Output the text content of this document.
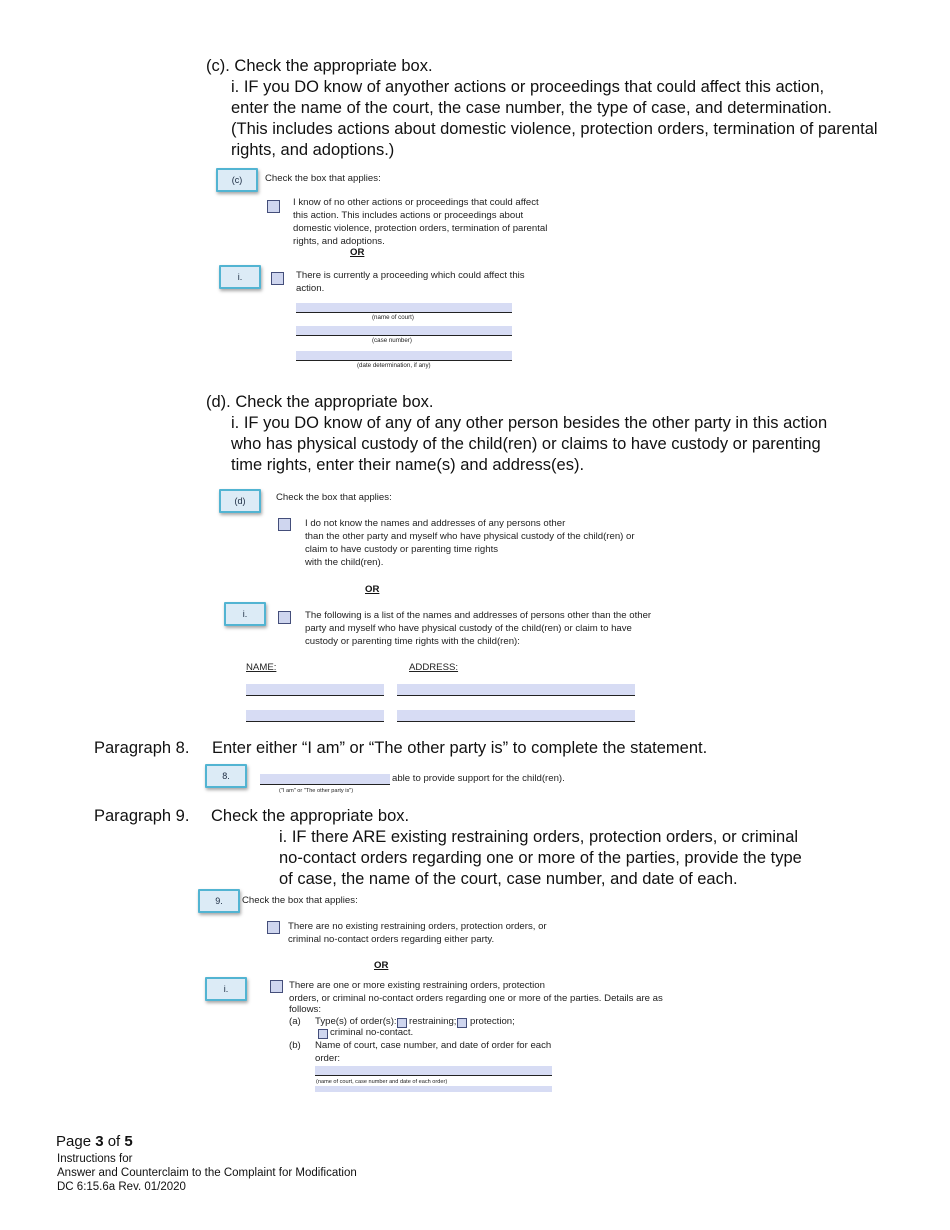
(c). Check the appropriate box.
i. IF you DO know of anyother actions or proceedings that could affect this action,
enter the name of the court, the case number, the type of case, and determination.
(This includes actions about domestic violence, protection orders, termination of parental
rights, and adoptions.)
(c)	Check the box that applies:
I know of no other actions or proceedings that could affect
this action. This includes actions or proceedings about
domestic violence, protection orders, termination of parental
rights, and adoptions.
OR
i.	There is currently a proceeding which could affect this
action.
(name of court)
(case number)
(date determination, if any)
(d). Check the appropriate box.
i. IF you DO know of any of any other person besides the other party in this action
who has physical custody of the child(ren) or claims to have custody or parenting
time rights, enter their name(s) and address(es).
(d)	Check the box that applies:
I do not know the names and addresses of any persons other
than the other party and myself who have physical custody of the child(ren) or
claim to have custody or parenting time rights
with the child(ren).
OR
i.	The following is a list of the names and addresses of persons other than the other
party and myself who have physical custody of the child(ren) or claim to have
custody or parenting time rights with the child(ren):
NAME:	ADDRESS:
Paragraph 8. Enter either “I am” or “The other party is” to complete the statement.
8.	able to provide support for the child(ren).
("I am" or "The other party is")
Paragraph 9. Check the appropriate box.
i. IF there ARE existing restraining orders, protection orders, or criminal
no-contact orders regarding one or more of the parties, provide the type
of case, the name of the court, case number, and date of each.
9.	Check the box that applies:
There are no existing restraining orders, protection orders, or
criminal no-contact orders regarding either party.
OR
i.	There are one or more existing restraining orders, protection
orders, or criminal no-contact orders regarding one or more of the parties. Details are as
follows:
(a) Type(s) of order(s): restraining; protection;
criminal no-contact.
(b) Name of court, case number, and date of order for each
order:
(name of court, case number and date of each order)
Page 3 of 5
Instructions for
Answer and Counterclaim to the Complaint for Modification
DC 6:15.6a Rev. 01/2020
